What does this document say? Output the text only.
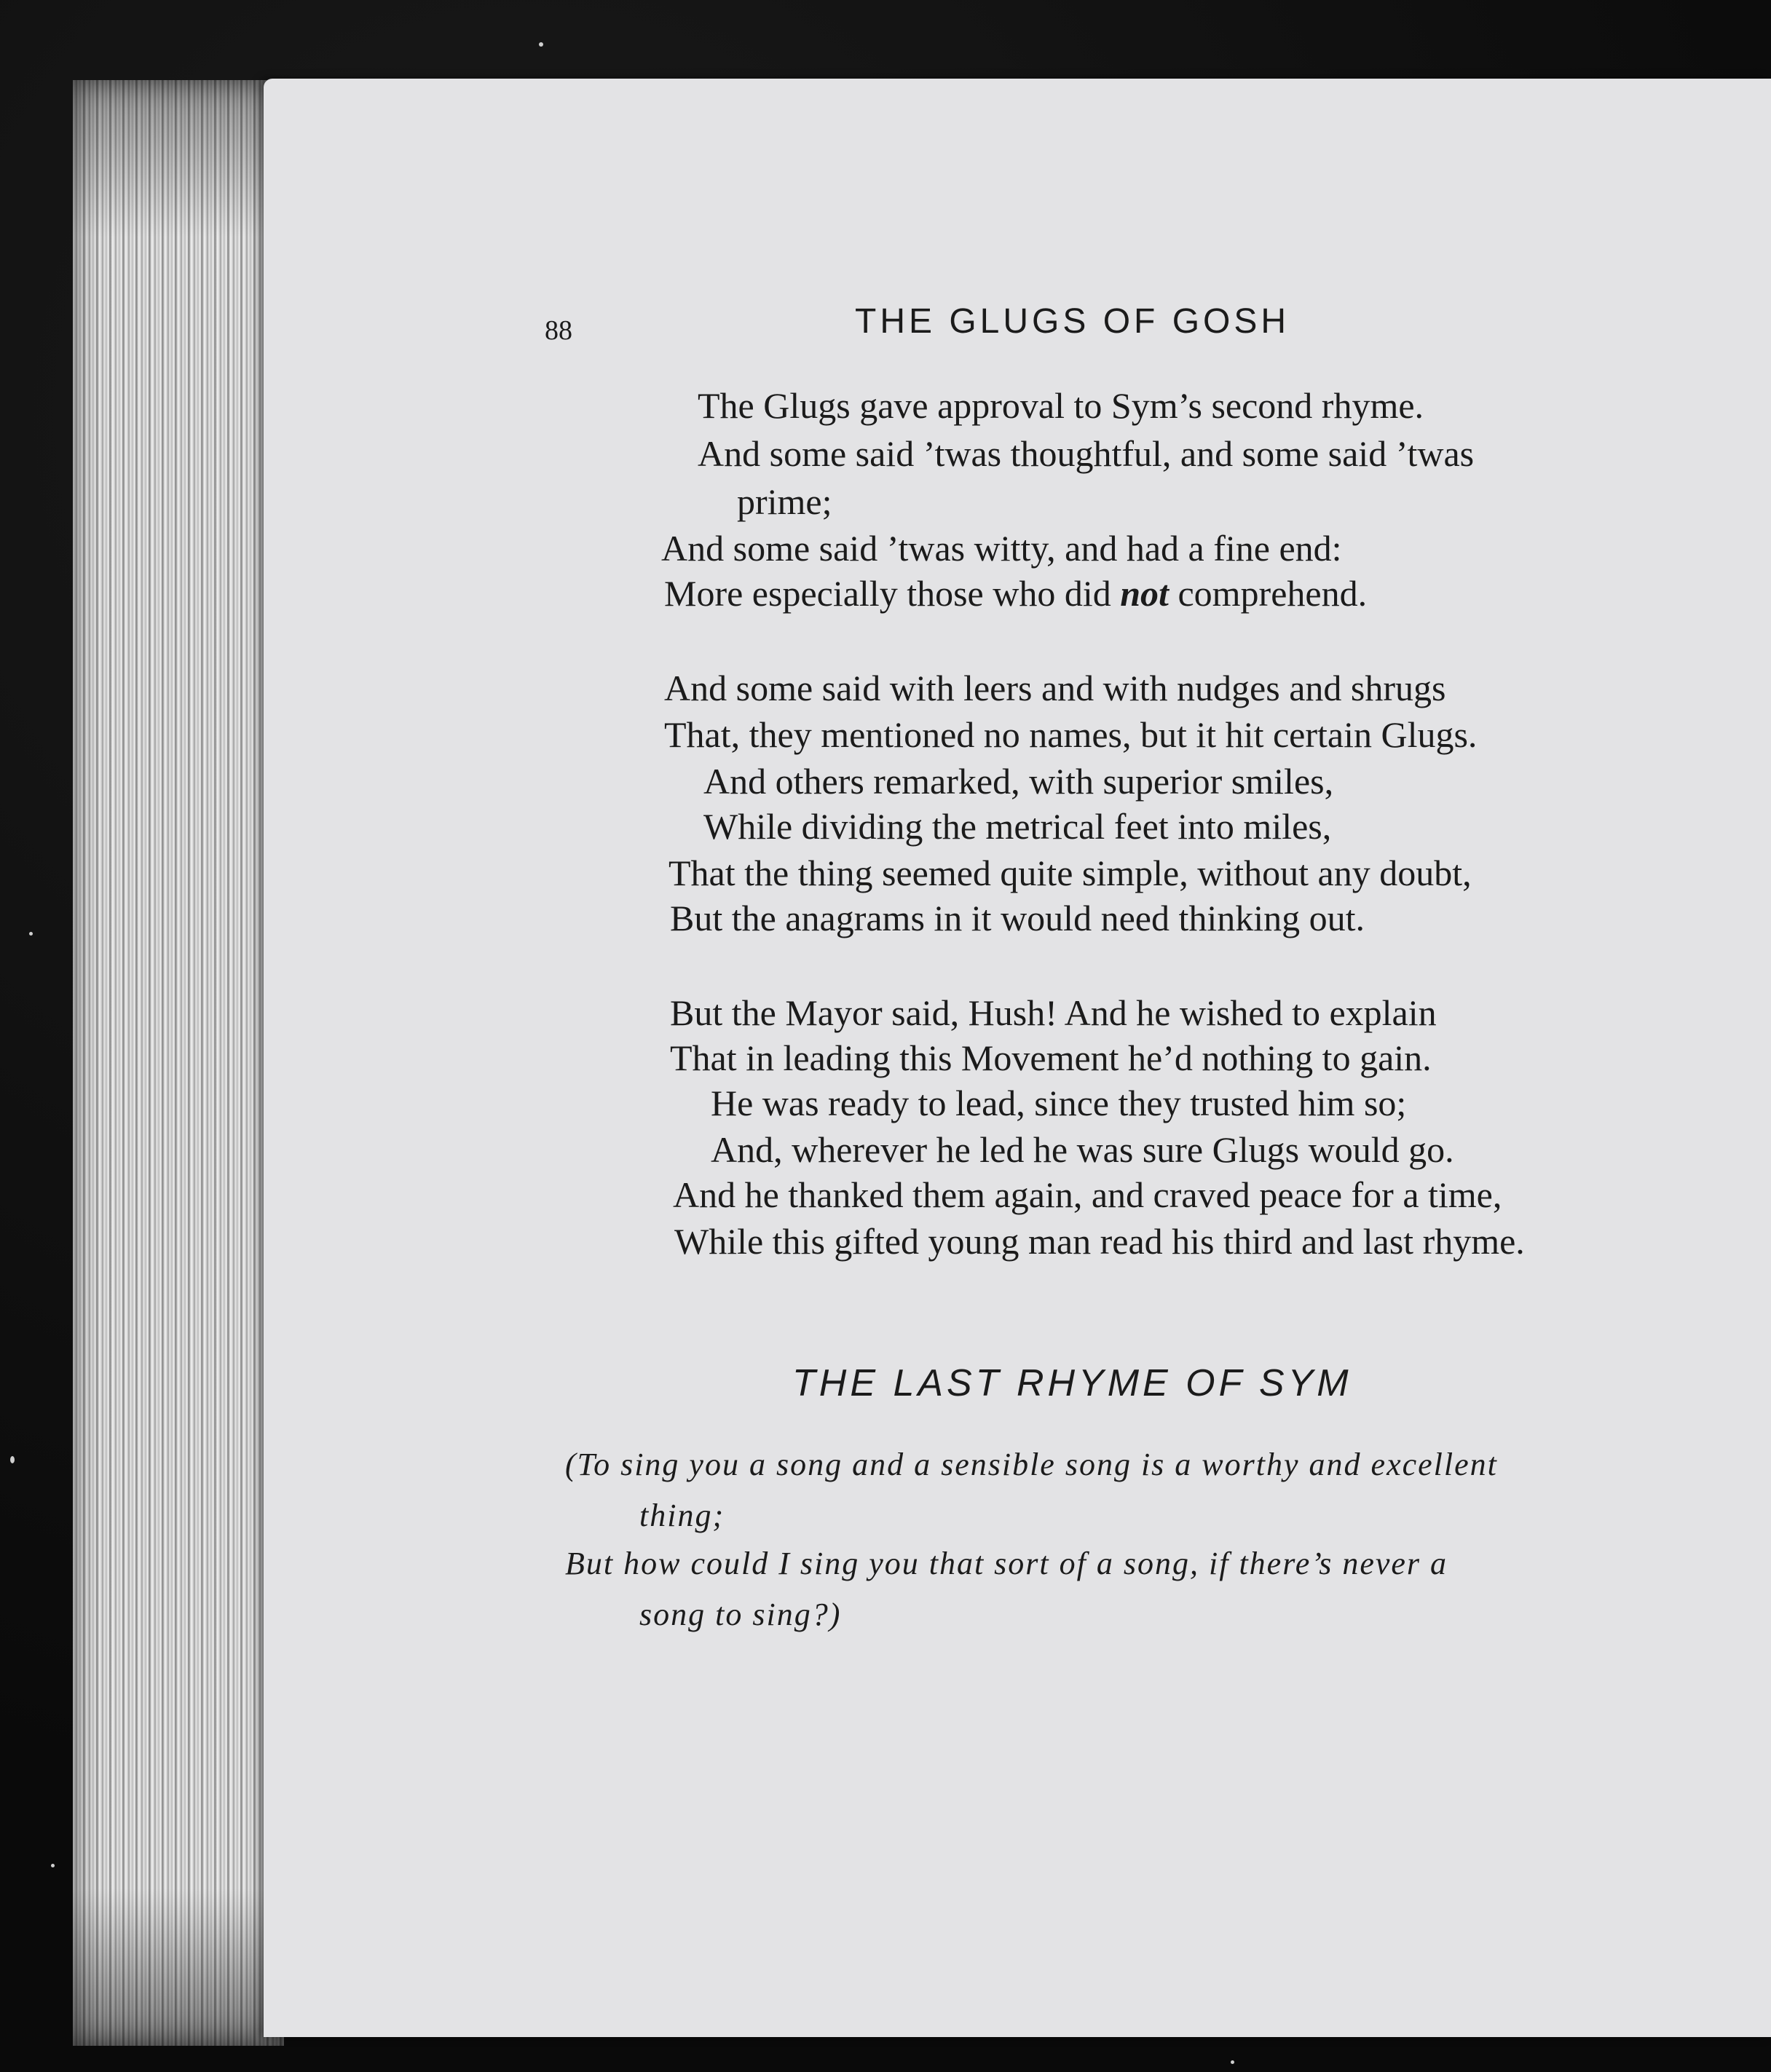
88	THE GLUGS OF GOSH
The Glugs gave approval to Sym’s second rhyme.
And some said ’twas thoughtful, and some said ’twas
prime;
And some said ’twas witty, and had a fine end:
More especially those who did not comprehend.
And some said with leers and with nudges and shrugs
That, they mentioned no names, but it hit certain Glugs.
And others remarked, with superior smiles,
While dividing the metrical feet into miles,
That the thing seemed quite simple, without any doubt,
But the anagrams in it would need thinking out.
But the Mayor said, Hush! And he wished to explain
That in leading this Movement he’d nothing to gain.
He was ready to lead, since they trusted him so;
And, wherever he led he was sure Glugs would go.
And he thanked them again, and craved peace for a time,
While this gifted young man read his third and last rhyme.
THE LAST RHYME OF SYM
(To sing you a song and a sensible song is a worthy and excellent
thing;
But how could I sing you that sort of a song, if there’s never a
song to sing?)
